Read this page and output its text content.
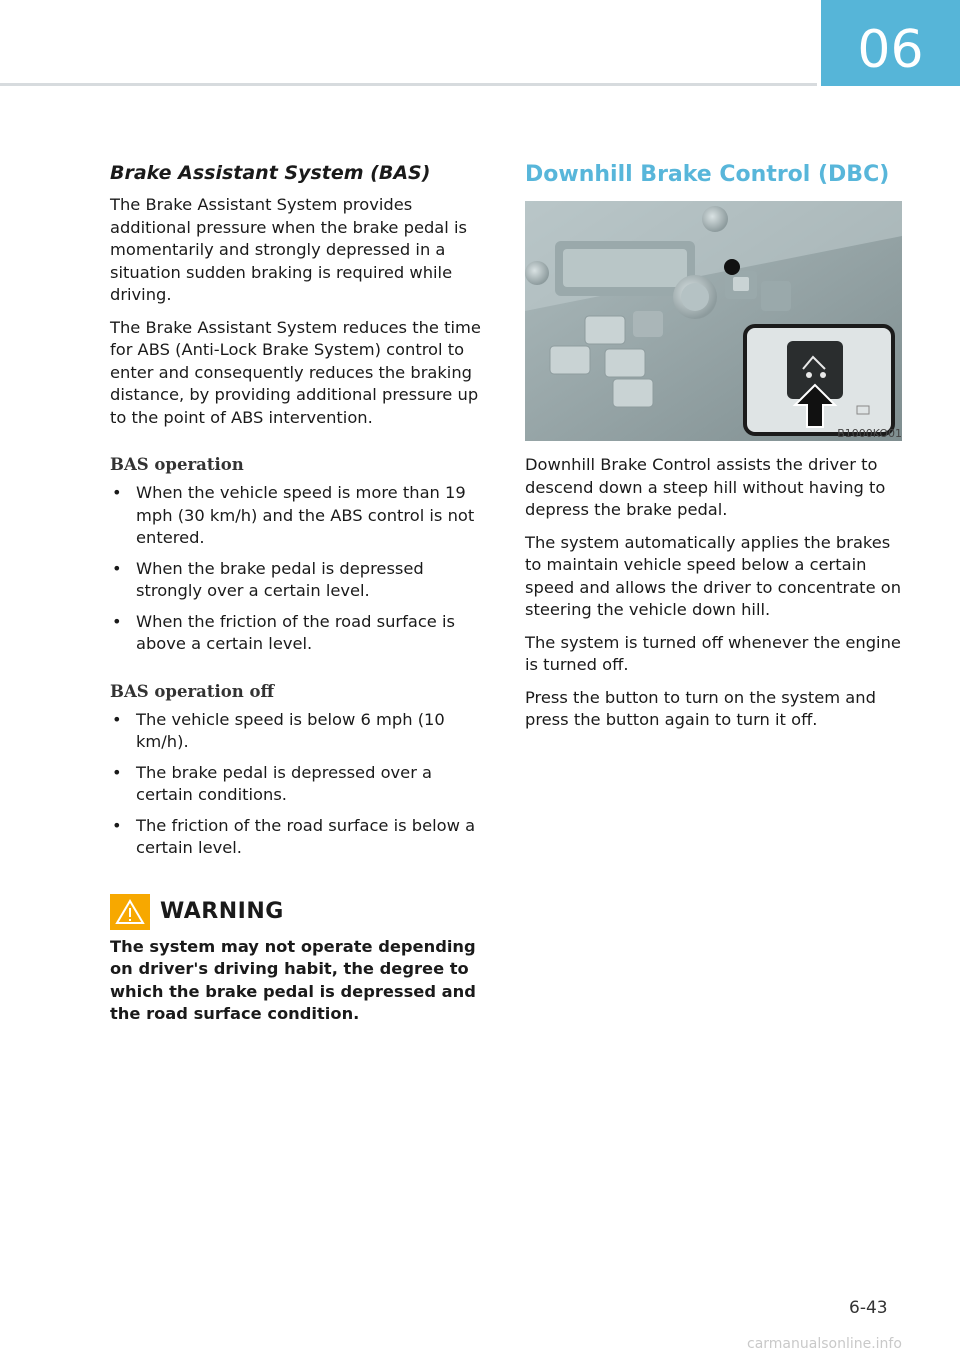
06
Brake Assistant System (BAS)

The Brake Assistant System provides additional pressure when the brake pedal is momentarily and strongly depressed in a situation sudden braking is required while driving.

The Brake Assistant System reduces the time for ABS (Anti-Lock Brake System) control to enter and consequently reduces the braking distance, by providing additional pressure up to the point of ABS intervention.

BAS operation
• When the vehicle speed is more than 19 mph (30 km/h) and the ABS control is not entered.
• When the brake pedal is depressed strongly over a certain level.
• When the friction of the road surface is above a certain level.
BAS operation off
• The vehicle speed is below 6 mph (10 km/h).
• The brake pedal is depressed over a certain conditions.
• The friction of the road surface is below a certain level.
WARNING
The system may not operate depending on driver's driving habit, the degree to which the brake pedal is depressed and the road surface condition.
Downhill Brake Control (DBC)
B1000KO01

Downhill Brake Control assists the driver to descend down a steep hill without having to depress the brake pedal.

The system automatically applies the brakes to maintain vehicle speed below a certain speed and allows the driver to concentrate on steering the vehicle down hill.

The system is turned off whenever the engine is turned off.

Press the button to turn on the system and press the button again to turn it off.

6-43
carmanualsonline.info
